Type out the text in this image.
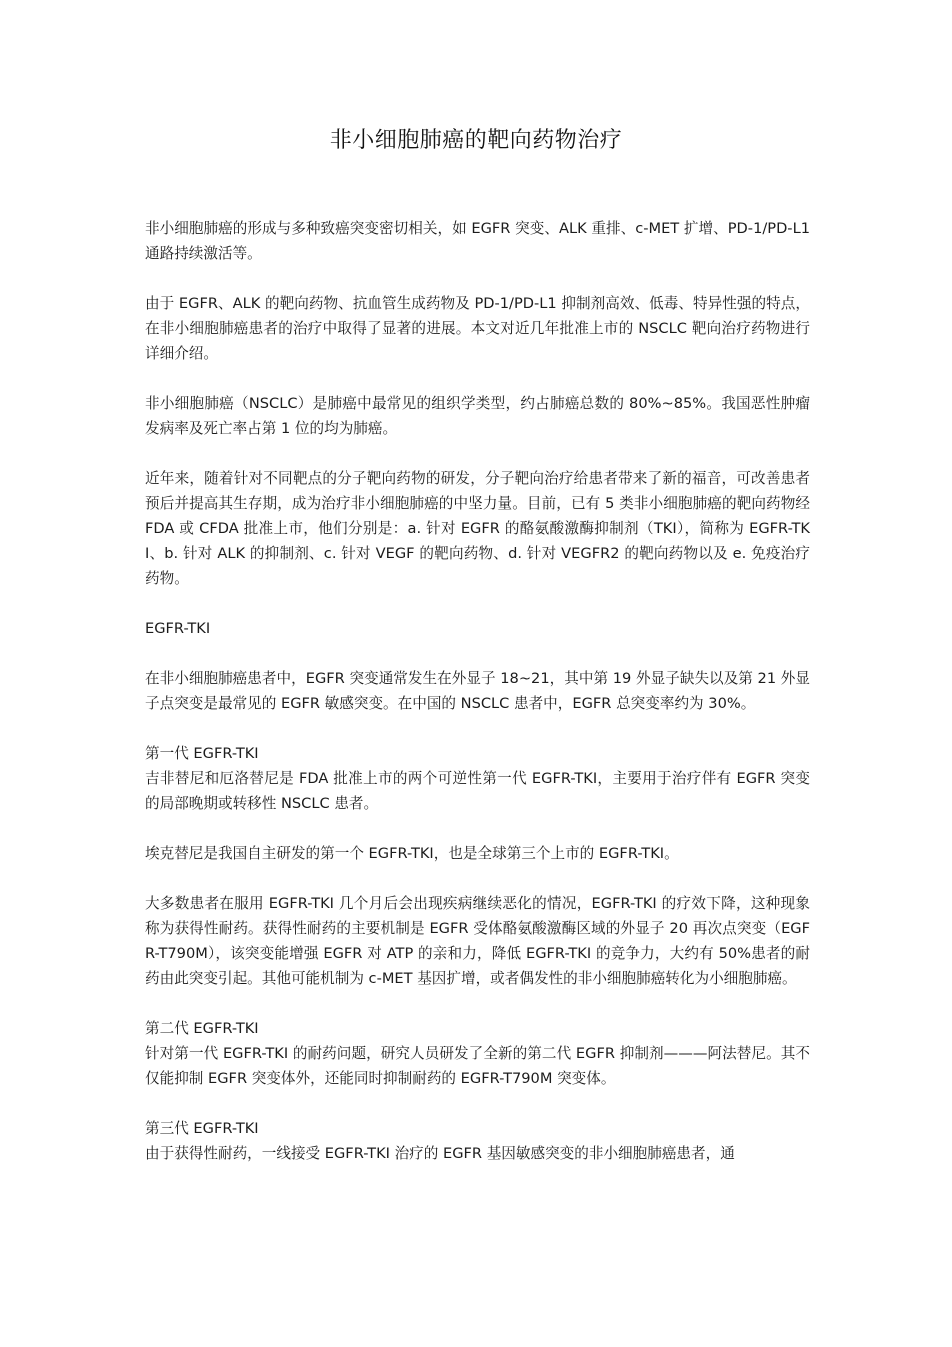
非小细胞肺癌的靶向药物治疗

非小细胞肺癌的形成与多种致癌突变密切相关，如 EGFR 突变、ALK 重排、c-MET 扩增、PD-1/PD-L1 通路持续激活等。

由于 EGFR、ALK 的靶向药物、抗血管生成药物及 PD-1/PD-L1 抑制剂高效、低毒、特异性强的特点，在非小细胞肺癌患者的治疗中取得了显著的进展。本文对近几年批准上市的 NSCLC 靶向治疗药物进行详细介绍。

非小细胞肺癌（NSCLC）是肺癌中最常见的组织学类型，约占肺癌总数的 80%~85%。我国恶性肿瘤发病率及死亡率占第 1 位的均为肺癌。

近年来，随着针对不同靶点的分子靶向药物的研发，分子靶向治疗给患者带来了新的福音，可改善患者预后并提高其生存期，成为治疗非小细胞肺癌的中坚力量。目前，已有 5 类非小细胞肺癌的靶向药物经 FDA 或 CFDA 批准上市，他们分别是：a. 针对 EGFR 的酪氨酸激酶抑制剂（TKI），简称为 EGFR-TKI、b. 针对 ALK 的抑制剂、c. 针对 VEGF 的靶向药物、d. 针对 VEGFR2 的靶向药物以及 e. 免疫治疗药物。

EGFR-TKI

在非小细胞肺癌患者中，EGFR 突变通常发生在外显子 18~21，其中第 19 外显子缺失以及第 21 外显子点突变是最常见的 EGFR 敏感突变。在中国的 NSCLC 患者中，EGFR 总突变率约为 30%。

第一代 EGFR-TKI

吉非替尼和厄洛替尼是 FDA 批准上市的两个可逆性第一代 EGFR-TKI，主要用于治疗伴有 EGFR 突变的局部晚期或转移性 NSCLC 患者。

埃克替尼是我国自主研发的第一个 EGFR-TKI，也是全球第三个上市的 EGFR-TKI。

大多数患者在服用 EGFR-TKI 几个月后会出现疾病继续恶化的情况，EGFR-TKI 的疗效下降，这种现象称为获得性耐药。获得性耐药的主要机制是 EGFR 受体酪氨酸激酶区域的外显子 20 再次点突变（EGFR-T790M），该突变能增强 EGFR 对 ATP 的亲和力，降低 EGFR-TKI 的竞争力，大约有 50%患者的耐药由此突变引起。其他可能机制为 c-MET 基因扩增，或者偶发性的非小细胞肺癌转化为小细胞肺癌。

第二代 EGFR-TKI

针对第一代 EGFR-TKI 的耐药问题，研究人员研发了全新的第二代 EGFR 抑制剂———阿法替尼。其不仅能抑制 EGFR 突变体外，还能同时抑制耐药的 EGFR-T790M 突变体。

第三代 EGFR-TKI

由于获得性耐药，一线接受 EGFR-TKI 治疗的 EGFR 基因敏感突变的非小细胞肺癌患者，通
